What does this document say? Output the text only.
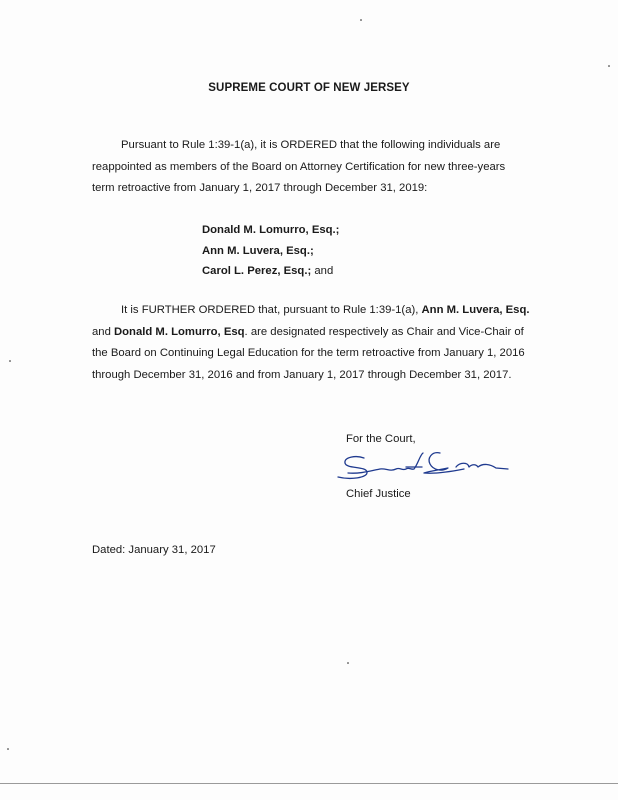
SUPREME COURT OF NEW JERSEY
Pursuant to Rule 1:39-1(a), it is ORDERED that the following individuals are reappointed as members of the Board on Attorney Certification for new three-years term retroactive from January 1, 2017 through December 31, 2019:
Donald M. Lomurro, Esq.;
Ann M. Luvera, Esq.;
Carol L. Perez, Esq.; and
It is FURTHER ORDERED that, pursuant to Rule 1:39-1(a), Ann M. Luvera, Esq. and Donald M. Lomurro, Esq. are designated respectively as Chair and Vice-Chair of the Board on Continuing Legal Education for the term retroactive from January 1, 2016 through December 31, 2016 and from January 1, 2017 through December 31, 2017.
For the Court,
Chief Justice
Dated: January 31, 2017
